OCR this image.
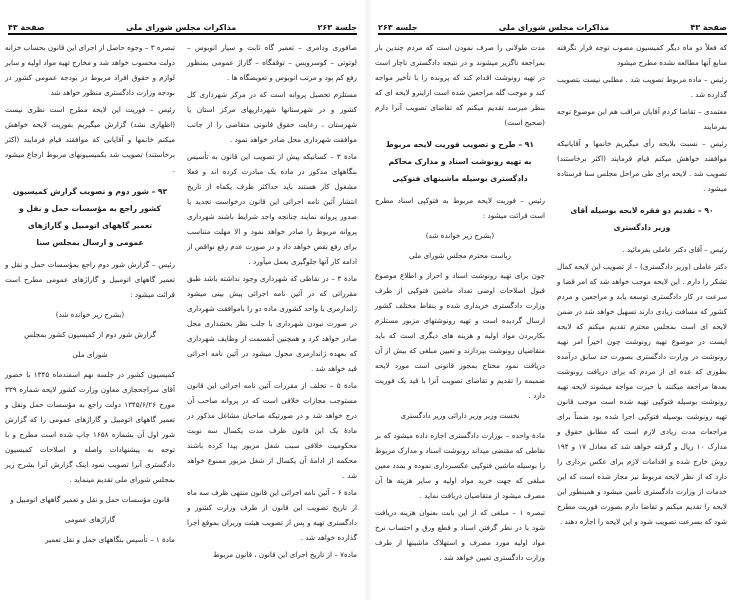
جلسة ۲۶۳
مذاکرات مجلس شورای ملی
صفحة ۴۳

صافوری ودامری – تعمیر گاه ثابت و سیار اتوبوس – لوتوتی – کوسرویس – توقفگاه – گاراژ عمومی بمنظور رفع کم بود و مرتب اتوبوس و تعویضگاه ها .

مستلزم تحصیل پروانه است که در مرکز شهرداری کل کشور و در شهرستانها شهرداریهای مرکز استان یا شهرستان ، رعایت حقوق قانونی متقاضی را از جانب موافقت شهرداری محل صادر خواهد نمود .

مادة ۳ – کسانیکه پیش از تصویب این قانون به تأسیس بنگاههای مذکور در ماده یک مبادرت کرده اند و فعلا مشغول کار هستند باید حداکثر ظرف یکماه از تاریخ انتشار آئین نامه اجرائی این قانون درخواست تجدید یا صدور پروانه نمایند چنانچه واجد شرایط باشند شهرداری پروانه مربوط را صادر خواهد نمود و الا مهلت متناسب برای رفع نقص خواهد داد و در صورت عدم رفع نواقص از ادامه کار آنها جلوگیری بعمل میآورد .

مادة ۴ – در نقاطی که شهرداری وجود نداشته باشد طبق مقرراتی که در آئین نامه اجرائی پیش بینی میشود ژاندارمری یا واحد کشوری ماده دو را باموافقت شهرداری در صورت نبودن شهرداری با جلب نظر بخشداری محل صادر خواهد کرد و همچنین آنقسمت از وظایف شهرداری که بعهده ژاندارمری محول میشود در آئین نامه اجرائی قید خواهد شد .

مادة ۵ – تخلف از مقررات آئین نامه اجرائی این قانون مستوجب مجازات خلافی است که در پروانه صاحب آن درج خواهد شد و در صورتیکه صاحبان مشاغل مذکور در مادهٔ یک این قانون ظرف مدت یکسال سه نوبت محکومیت خلافی سبب شغل مزبور پیدا کرده باشند محکمه از ادامهٔ آن یکسال از شغل مزبور ممنوع خواهد شد .

مادة ۶ – آئین نامه اجرائی این قانون منتهی ظرف سه ماه از تاریخ تصویب این قانون از طرف وزارت کشور و دادگستری تهیه و پس از تصویب هیئت وزیران بموقع اجرا گذارده خواهد شد .

ماده۷ – از تاریخ اجرای این قانون ، قانون مربوط

تبصره ۳ – وجوه حاصل از اجرای این قانون بحساب خزانه دولت محسوب خواهد شد و مخارج تهیه مواد اولیه و سایر لوازم و حقوق افراد مربوط در بودجه عمومی کشور در بودجه وزارت دادگستری منظور خواهد شد

رئیس – فوریت این لایحه مطرح است نظری نیست (اظهاری نشد) گزارش میگیریم بفوریت لایحه خواهش میکنم خانمها و آقایانی که موافقند قیام فرمایند (اکثر برخاستند) تصویب شد بکمیسیونهای مربوط ارجاع میشود .

۹۳ – شور دوم و تصویب گزارش کمیسیون
کشور راجع به مؤسسات حمل و نقل و
تعمیر گاههای اتومبیل و گاراژهای
عمومی و ارسال بمجلس سنا

رئیس – گزارش شور دوم راجع بمؤسسات حمل و نقل و تعمیر گاههای اتومبیل و گاراژهای عمومی مطرح است قرائت میشود :

(بشرح زیر خوانده شد)

گزارش شور دوم از کمیسیون کشور بمجلس

شورای ملی

کمیسیون کشور در جلسه نهم اسفندماه ۱۳۴۵ با حضور آقای سراجحجازی معاون وزارت کشور لایحه شماره ۳۳۹ مورخ ۱۳۴۵/۶/۲۶ دولت راجع به مؤسسات حمل ونقل و تعمیر گاههای اتومبیل و گاراژهای عمومی را که گزارش شور اول آن بشماره ۱۶۵۸ چاپ شده است مطرح و با توجه به پیشنهادات واصله و اصلاحات کمیسیون دادگستری آنرا تصویب نمود اینک گزارش آنرا بشرح زیر بمجلس شورای ملی تقدیم مینماید .

قانون مؤسسات حمل و نقل و تعمیر گاههای اتومبیل و

گاراژهای عمومی

مادة ۱ – تأسیس بنگاههای حمل و نقل تعمیر

صفحة ۴۳
مذاکرات مجلس شورای ملی
جلسه ۲۶۳

که فعلاً دو ماه دیگر کمیسیون مصوب توجه قرار نگرفته منابع آنها مطالعه نشده مطرح میشود

رئیس – ماده مربوط تصویب شد . مطلبی نیست بتصویب گذارده شد .

معتمدی – تقاضا کردم آقایان مراقب هم این موضوع توجه بفرمایند

رئیس – نسبت بلایحه رأی میگیریم خانمها و آقایانیکه موافقند خواهش میکنم قیام فرمایند (اکثر برخاستند) تصویب شد . لایحه برای طی مراحل مجلس سنا فرستاده میشود .

۹۰ – تقدیم دو فقره لایحه بوسیله آقای
وزیر دادگستری

رئیس – آقای دکتر عاملی بفرمائید .

دکتر عاملی (وزیر دادگستری) – از تصویب این لایحه کمال تشکر را دارم . این لایحه موجب خواهد شد که امر قضا و سرعت در کار دادگستری توسعه یابد و مراجعین و مردم کشور که مسافت زیادی دارند تسهیل خواهد شد در ضمن لایحه ای است بمجلس محترم تقدیم میکنم که لایحه ایست در موضوع تهیه رونوشت چون اخیراً امر تهیه رونوشت در وزارت دادگستری بصورت حد سابق درآمده بطوری که عده ای از مردم که برای دریافت رونوشت بعدها مراجعه میکنند با حیرت مواجه میشوند لایحه تهیه رونوشت بوسیله فتوکپی تهیه شده است موجب قانون تهیه رونوشت بوسیله فتوکپی اجرا شده بود ضمناً برای مراجعات مدت زیادی لازم است که مطابق حقوق و مدارک ۱۰ ریال و گرفته خواهد شد که معادل ۱۷ و ۱۹۴ روش خارج شده و اقدامات لازم برای عکس برداری را دارد که از نظر لایحه مربوط نیز مجاز شده است که این خدمات از وزارت دادگستری تأمین میشود و همینطور این لایحه را تقدیم میکنم و تقاضا دارم بصورت فوریت مطرح شود که بسرعت تصویب شود و این لایحه را اجازه دهند .

مدت طولانی را صرف نمودن است که مردم چندین بار بمراجعه ناگزیر میشوند و در نتیجه دادگستری ناچار است در تهیه رونوشت اقدام کند که پرونده را با تأخیر مواجه کند و موجب گله مراجعین شده است ازاینرو لایحه ای که بنظر میرسد تقدیم میکنم که تقاضای تصویب آنرا دارم (صحیح است)

۹۱ – طرح و تصویب فوریت لایحه مربوط
به تهیه رونوشت اسناد و مدارک محاکم
دادگستری بوسیله ماشینهای فتوکپی

رئیس – فوریت لایحه مربوط به فتوکپی اسناد مطرح است قرائت میشود :

(بشرح زیر خوانده شد)

ریاست محترم مجلس شورای ملی

چون برای تهیه رونوشت اسناد و احراز و اطلاع موضوع قبول اصلاحات اوضی تعداد ماشین فتوکپی از طرف وزارت دادگستری خریداری شده و بنقاط مختلف کشور ارسال گردیده است و تهیه رونوشتهای مزبور مستلزم بکاربردن مواد اولیه و هزینه های دیگری است که باید متقاضیان رونوشت بپردازند و تعیین مبلغی که بیش از آن دریافت نمود محتاج بمجوز قانونی است مورد لایحه ضمیمه را تقدیم و تقاضای تصویب آنرا با قید یک فوریت دارد .

نخست وزیر وزیر دارائی وزیر دادگستری

مادة واحده – بوزارت دادگستری اجازه داده میشود که بر نقاطی که مقتضی میداند رونوشت اسناد و مدارک مربوط را بوسیله ماشین فتوکپی عکسبرداری نموده و بمدد معین مبلغی که جهت خرید مواد اولیه و سایر هزینه ها آن مصرف میشود از متقاضیان دریافت نماید .

تبصره ۱ – مبلغی که از این بابت بعنوان هزینه دریافت شود با در نظر گرفتن اسناد و قطع ورق و احتساب نرخ مواد اولیه مورد مصرف و استهلاک ماشینها از طرف وزارت دادگستری تعیین خواهد شد .
